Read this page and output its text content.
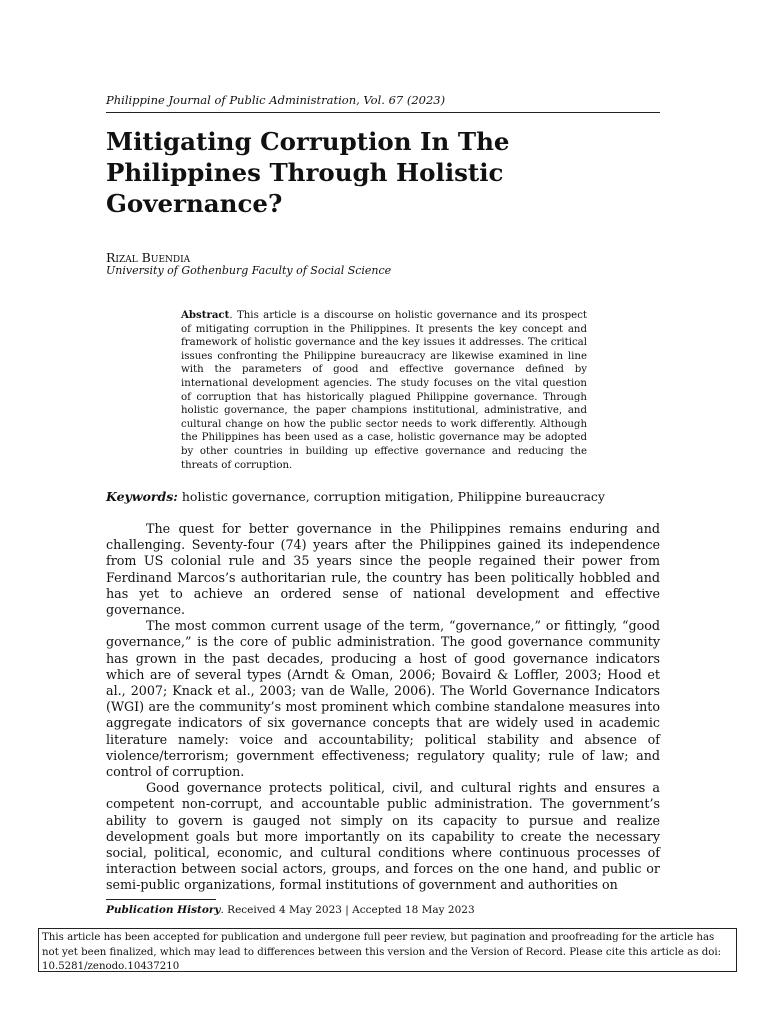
Philippine Journal of Public Administration, Vol. 67 (2023)
Mitigating Corruption In The Philippines Through Holistic Governance?
Rizal Buendia
University of Gothenburg Faculty of Social Science
Abstract. This article is a discourse on holistic governance and its prospect of mitigating corruption in the Philippines. It presents the key concept and framework of holistic governance and the key issues it addresses. The critical issues confronting the Philippine bureaucracy are likewise examined in line with the parameters of good and effective governance defined by international development agencies. The study focuses on the vital question of corruption that has historically plagued Philippine governance. Through holistic governance, the paper champions institutional, administrative, and cultural change on how the public sector needs to work differently. Although the Philippines has been used as a case, holistic governance may be adopted by other countries in building up effective governance and reducing the threats of corruption.
Keywords: holistic governance, corruption mitigation, Philippine bureaucracy

The quest for better governance in the Philippines remains enduring and challenging. Seventy-four (74) years after the Philippines gained its independence from US colonial rule and 35 years since the people regained their power from Ferdinand Marcos’s authoritarian rule, the country has been politically hobbled and has yet to achieve an ordered sense of national development and effective governance.

The most common current usage of the term, “governance,” or fittingly, “good governance,” is the core of public administration. The good governance community has grown in the past decades, producing a host of good governance indicators which are of several types (Arndt & Oman, 2006; Bovaird & Loffler, 2003; Hood et al., 2007; Knack et al., 2003; van de Walle, 2006). The World Governance Indicators (WGI) are the community’s most prominent which combine standalone measures into aggregate indicators of six governance concepts that are widely used in academic literature namely: voice and accountability; political stability and absence of violence/terrorism; government effectiveness; regulatory quality; rule of law; and control of corruption.

Good governance protects political, civil, and cultural rights and ensures a competent non-corrupt, and accountable public administration. The government’s ability to govern is gauged not simply on its capacity to pursue and realize development goals but more importantly on its capability to create the necessary social, political, economic, and cultural conditions where continuous processes of interaction between social actors, groups, and forces on the one hand, and public or semi-public organizations, formal institutions of government and authorities on

Publication History. Received 4 May 2023 | Accepted 18 May 2023
This article has been accepted for publication and undergone full peer review, but pagination and proofreading for the article has not yet been finalized, which may lead to differences between this version and the Version of Record. Please cite this article as doi: 10.5281/zenodo.10437210
